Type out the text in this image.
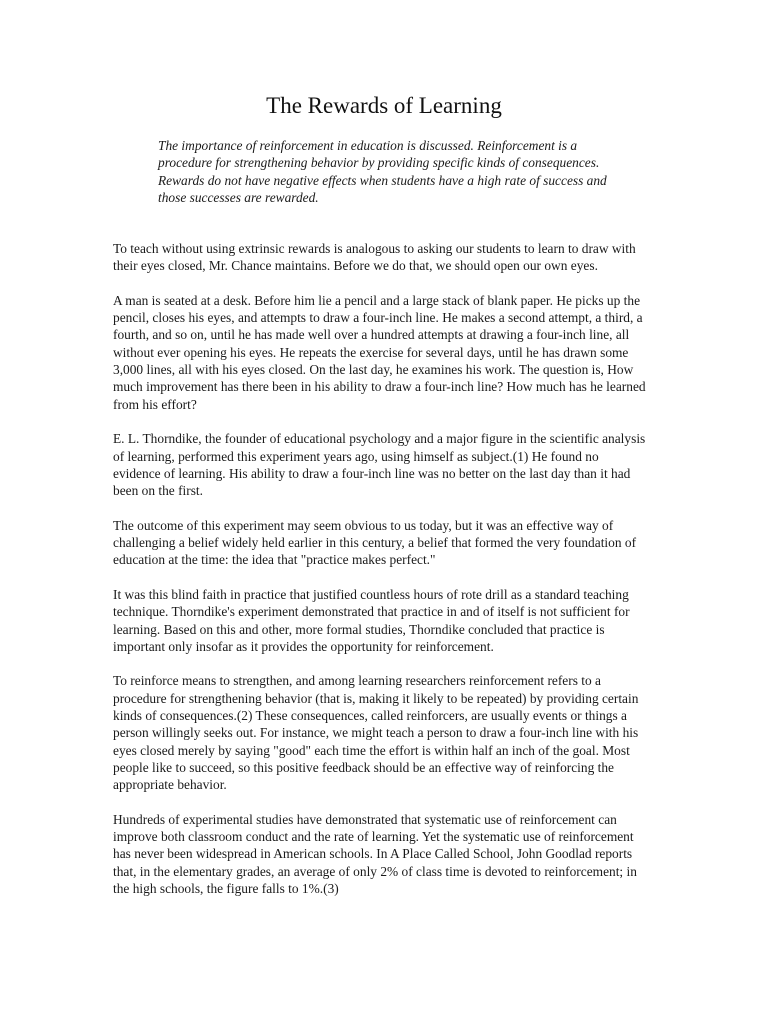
The Rewards of Learning

The importance of reinforcement in education is discussed. Reinforcement is a procedure for strengthening behavior by providing specific kinds of consequences. Rewards do not have negative effects when students have a high rate of success and those successes are rewarded.

To teach without using extrinsic rewards is analogous to asking our students to learn to draw with their eyes closed, Mr. Chance maintains. Before we do that, we should open our own eyes.

A man is seated at a desk. Before him lie a pencil and a large stack of blank paper. He picks up the pencil, closes his eyes, and attempts to draw a four-inch line. He makes a second attempt, a third, a fourth, and so on, until he has made well over a hundred attempts at drawing a four-inch line, all without ever opening his eyes. He repeats the exercise for several days, until he has drawn some 3,000 lines, all with his eyes closed. On the last day, he examines his work. The question is, How much improvement has there been in his ability to draw a four-inch line? How much has he learned from his effort?

E. L. Thorndike, the founder of educational psychology and a major figure in the scientific analysis of learning, performed this experiment years ago, using himself as subject.(1) He found no evidence of learning. His ability to draw a four-inch line was no better on the last day than it had been on the first.

The outcome of this experiment may seem obvious to us today, but it was an effective way of challenging a belief widely held earlier in this century, a belief that formed the very foundation of education at the time: the idea that "practice makes perfect."

It was this blind faith in practice that justified countless hours of rote drill as a standard teaching technique. Thorndike's experiment demonstrated that practice in and of itself is not sufficient for learning. Based on this and other, more formal studies, Thorndike concluded that practice is important only insofar as it provides the opportunity for reinforcement.

To reinforce means to strengthen, and among learning researchers reinforcement refers to a procedure for strengthening behavior (that is, making it likely to be repeated) by providing certain kinds of consequences.(2) These consequences, called reinforcers, are usually events or things a person willingly seeks out. For instance, we might teach a person to draw a four-inch line with his eyes closed merely by saying "good" each time the effort is within half an inch of the goal. Most people like to succeed, so this positive feedback should be an effective way of reinforcing the appropriate behavior.

Hundreds of experimental studies have demonstrated that systematic use of reinforcement can improve both classroom conduct and the rate of learning. Yet the systematic use of reinforcement has never been widespread in American schools. In A Place Called School, John Goodlad reports that, in the elementary grades, an average of only 2% of class time is devoted to reinforcement; in the high schools, the figure falls to 1%.(3)
